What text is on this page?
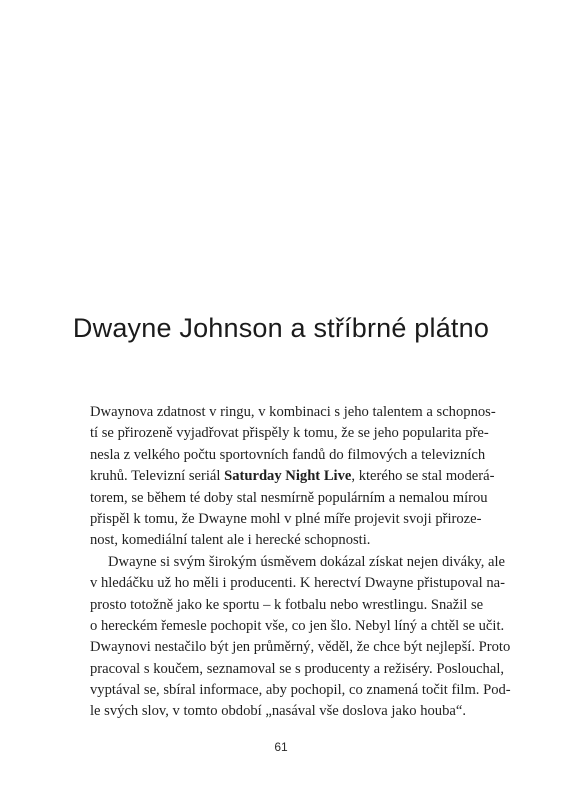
Dwayne Johnson a stříbrné plátno
Dwaynova zdatnost v ringu, v kombinaci s jeho talentem a schopnos-
tí se přirozeně vyjadřovat přispěly k tomu, že se jeho popularita pře-
nesla z velkého počtu sportovních fandů do filmových a televizních
kruhů. Televizní seriál Saturday Night Live, kterého se stal moderá-
torem, se během té doby stal nesmírně populárním a nemalou mírou
přispěl k tomu, že Dwayne mohl v plné míře projevit svoji přiroze-
nost, komediální talent ale i herecké schopnosti.
Dwayne si svým širokým úsměvem dokázal získat nejen diváky, ale
v hledáčku už ho měli i producenti. K herectví Dwayne přistupoval na-
prosto totožně jako ke sportu – k fotbalu nebo wrestlingu. Snažil se
o hereckém řemesle pochopit vše, co jen šlo. Nebyl líný a chtěl se učit.
Dwaynovi nestačilo být jen průměrný, věděl, že chce být nejlepší. Proto
pracoval s koučem, seznamoval se s producenty a režiséry. Poslouchal,
vyptával se, sbíral informace, aby pochopil, co znamená točit film. Pod-
le svých slov, v tomto období „nasával vše doslova jako houba“.
61
